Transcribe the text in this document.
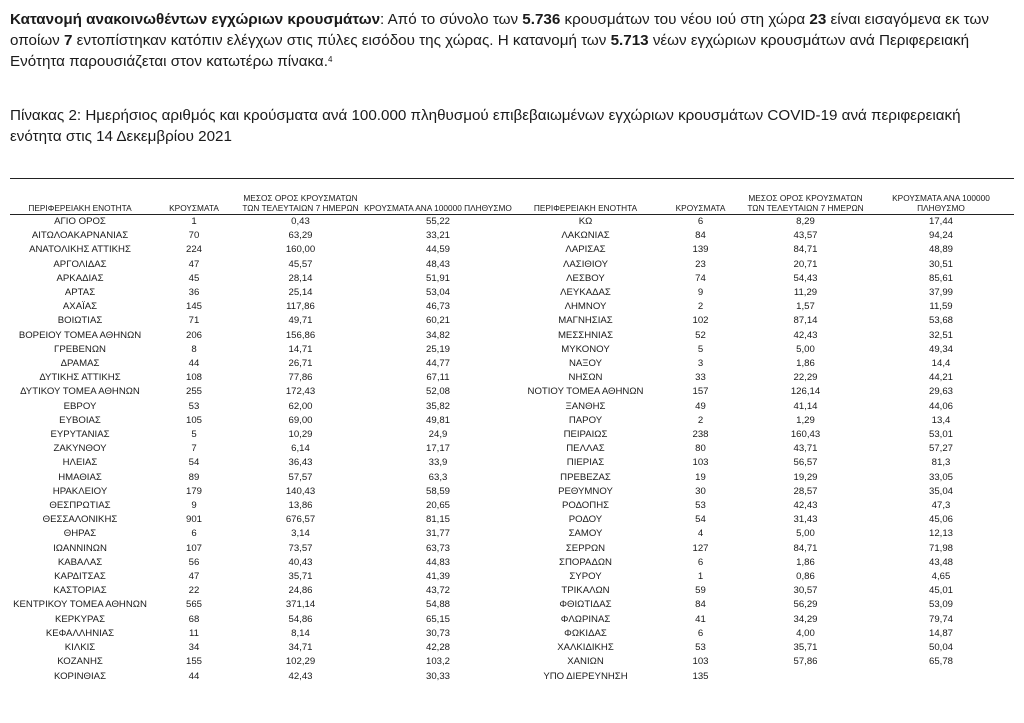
Κατανομή ανακοινωθέντων εγχώριων κρουσμάτων: Από το σύνολο των 5.736 κρουσμάτων του νέου ιού στη χώρα 23 είναι εισαγόμενα εκ των οποίων 7 εντοπίστηκαν κατόπιν ελέγχων στις πύλες εισόδου της χώρας. Η κατανομή των 5.713 νέων εγχώριων κρουσμάτων ανά Περιφερειακή Ενότητα παρουσιάζεται στον κατωτέρω πίνακα.$^4$

Πίνακας 2: Ημερήσιος αριθμός και κρούσματα ανά 100.000 πληθυσμού επιβεβαιωμένων εγχώριων κρουσμάτων COVID-19 ανά περιφερειακή ενότητα στις 14 Δεκεμβρίου 2021

ΠΕΡΙΦΕΡΕΙΑΚΗ ΕΝΟΤΗΤΑ	ΚΡΟΥΣΜΑΤΑ	ΜΕΣΟΣ ΟΡΟΣ ΚΡΟΥΣΜΑΤΩΝ ΤΩΝ ΤΕΛΕΥΤΑΙΩΝ 7 ΗΜΕΡΩΝ	ΚΡΟΥΣΜΑΤΑ ΑΝΑ 100000 ΠΛΗΘΥΣΜΟ	ΠΕΡΙΦΕΡΕΙΑΚΗ ΕΝΟΤΗΤΑ	ΚΡΟΥΣΜΑΤΑ	ΜΕΣΟΣ ΟΡΟΣ ΚΡΟΥΣΜΑΤΩΝ ΤΩΝ ΤΕΛΕΥΤΑΙΩΝ 7 ΗΜΕΡΩΝ	ΚΡΟΥΣΜΑΤΑ ΑΝΑ 100000 ΠΛΗΘΥΣΜΟ
ΑΓΙΟ ΟΡΟΣ	1	0,43	55,22	ΚΩ	6	8,29	17,44
ΑΙΤΩΛΟΑΚΑΡΝΑΝΙΑΣ	70	63,29	33,21	ΛΑΚΩΝΙΑΣ	84	43,57	94,24
ΑΝΑΤΟΛΙΚΗΣ ΑΤΤΙΚΗΣ	224	160,00	44,59	ΛΑΡΙΣΑΣ	139	84,71	48,89
ΑΡΓΟΛΙΔΑΣ	47	45,57	48,43	ΛΑΣΙΘΙΟΥ	23	20,71	30,51
ΑΡΚΑΔΙΑΣ	45	28,14	51,91	ΛΕΣΒΟΥ	74	54,43	85,61
ΑΡΤΑΣ	36	25,14	53,04	ΛΕΥΚΑΔΑΣ	9	11,29	37,99
ΑΧΑΪΑΣ	145	117,86	46,73	ΛΗΜΝΟΥ	2	1,57	11,59
ΒΟΙΩΤΙΑΣ	71	49,71	60,21	ΜΑΓΝΗΣΙΑΣ	102	87,14	53,68
ΒΟΡΕΙΟΥ ΤΟΜΕΑ ΑΘΗΝΩΝ	206	156,86	34,82	ΜΕΣΣΗΝΙΑΣ	52	42,43	32,51
ΓΡΕΒΕΝΩΝ	8	14,71	25,19	ΜΥΚΟΝΟΥ	5	5,00	49,34
ΔΡΑΜΑΣ	44	26,71	44,77	ΝΑΞΟΥ	3	1,86	14,4
ΔΥΤΙΚΗΣ ΑΤΤΙΚΗΣ	108	77,86	67,11	ΝΗΣΩΝ	33	22,29	44,21
ΔΥΤΙΚΟΥ ΤΟΜΕΑ ΑΘΗΝΩΝ	255	172,43	52,08	ΝΟΤΙΟΥ ΤΟΜΕΑ ΑΘΗΝΩΝ	157	126,14	29,63
ΕΒΡΟΥ	53	62,00	35,82	ΞΑΝΘΗΣ	49	41,14	44,06
ΕΥΒΟΙΑΣ	105	69,00	49,81	ΠΑΡΟΥ	2	1,29	13,4
ΕΥΡΥΤΑΝΙΑΣ	5	10,29	24,9	ΠΕΙΡΑΙΩΣ	238	160,43	53,01
ΖΑΚΥΝΘΟΥ	7	6,14	17,17	ΠΕΛΛΑΣ	80	43,71	57,27
ΗΛΕΙΑΣ	54	36,43	33,9	ΠΙΕΡΙΑΣ	103	56,57	81,3
ΗΜΑΘΙΑΣ	89	57,57	63,3	ΠΡΕΒΕΖΑΣ	19	19,29	33,05
ΗΡΑΚΛΕΙΟΥ	179	140,43	58,59	ΡΕΘΥΜΝΟΥ	30	28,57	35,04
ΘΕΣΠΡΩΤΙΑΣ	9	13,86	20,65	ΡΟΔΟΠΗΣ	53	42,43	47,3
ΘΕΣΣΑΛΟΝΙΚΗΣ	901	676,57	81,15	ΡΟΔΟΥ	54	31,43	45,06
ΘΗΡΑΣ	6	3,14	31,77	ΣΑΜΟΥ	4	5,00	12,13
ΙΩΑΝΝΙΝΩΝ	107	73,57	63,73	ΣΕΡΡΩΝ	127	84,71	71,98
ΚΑΒΑΛΑΣ	56	40,43	44,83	ΣΠΟΡΑΔΩΝ	6	1,86	43,48
ΚΑΡΔΙΤΣΑΣ	47	35,71	41,39	ΣΥΡΟΥ	1	0,86	4,65
ΚΑΣΤΟΡΙΑΣ	22	24,86	43,72	ΤΡΙΚΑΛΩΝ	59	30,57	45,01
ΚΕΝΤΡΙΚΟΥ ΤΟΜΕΑ ΑΘΗΝΩΝ	565	371,14	54,88	ΦΘΙΩΤΙΔΑΣ	84	56,29	53,09
ΚΕΡΚΥΡΑΣ	68	54,86	65,15	ΦΛΩΡΙΝΑΣ	41	34,29	79,74
ΚΕΦΑΛΛΗΝΙΑΣ	11	8,14	30,73	ΦΩΚΙΔΑΣ	6	4,00	14,87
ΚΙΛΚΙΣ	34	34,71	42,28	ΧΑΛΚΙΔΙΚΗΣ	53	35,71	50,04
ΚΟΖΑΝΗΣ	155	102,29	103,2	ΧΑΝΙΩΝ	103	57,86	65,78
ΚΟΡΙΝΘΙΑΣ	44	42,43	30,33	ΥΠΟ ΔΙΕΡΕΥΝΗΣΗ	135		
